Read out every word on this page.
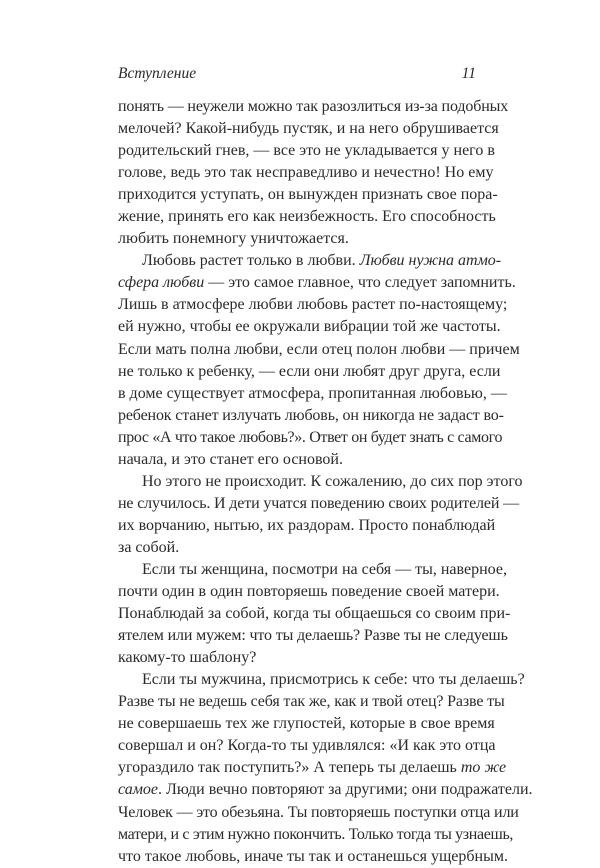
Вступление	11
понять — неужели можно так разозлиться из-за подобных
мелочей? Какой-нибудь пустяк, и на него обрушивается
родительский гнев, — все это не укладывается у него в
голове, ведь это так несправедливо и нечестно! Но ему
приходится уступать, он вынужден признать свое пора-
жение, принять его как неизбежность. Его способность
любить понемногу уничтожается.
Любовь растет только в любви. Любви нужна атмо-
сфера любви — это самое главное, что следует запомнить.
Лишь в атмосфере любви любовь растет по-настоящему;
ей нужно, чтобы ее окружали вибрации той же частоты.
Если мать полна любви, если отец полон любви — причем
не только к ребенку, — если они любят друг друга, если
в доме существует атмосфера, пропитанная любовью, —
ребенок станет излучать любовь, он никогда не задаст во-
прос «А что такое любовь?». Ответ он будет знать с самого
начала, и это станет его основой.
Но этого не происходит. К сожалению, до сих пор этого
не случилось. И дети учатся поведению своих родителей —
их ворчанию, нытью, их раздорам. Просто понаблюдай
за собой.
Если ты женщина, посмотри на себя — ты, наверное,
почти один в один повторяешь поведение своей матери.
Понаблюдай за собой, когда ты общаешься со своим при-
ятелем или мужем: что ты делаешь? Разве ты не следуешь
какому-то шаблону?
Если ты мужчина, присмотрись к себе: что ты делаешь?
Разве ты не ведешь себя так же, как и твой отец? Разве ты
не совершаешь тех же глупостей, которые в свое время
совершал и он? Когда-то ты удивлялся: «И как это отца
угораздило так поступить?» А теперь ты делаешь то же
самое. Люди вечно повторяют за другими; они подражатели.
Человек — это обезьяна. Ты повторяешь поступки отца или
матери, и с этим нужно покончить. Только тогда ты узнаешь,
что такое любовь, иначе ты так и останешься ущербным.
